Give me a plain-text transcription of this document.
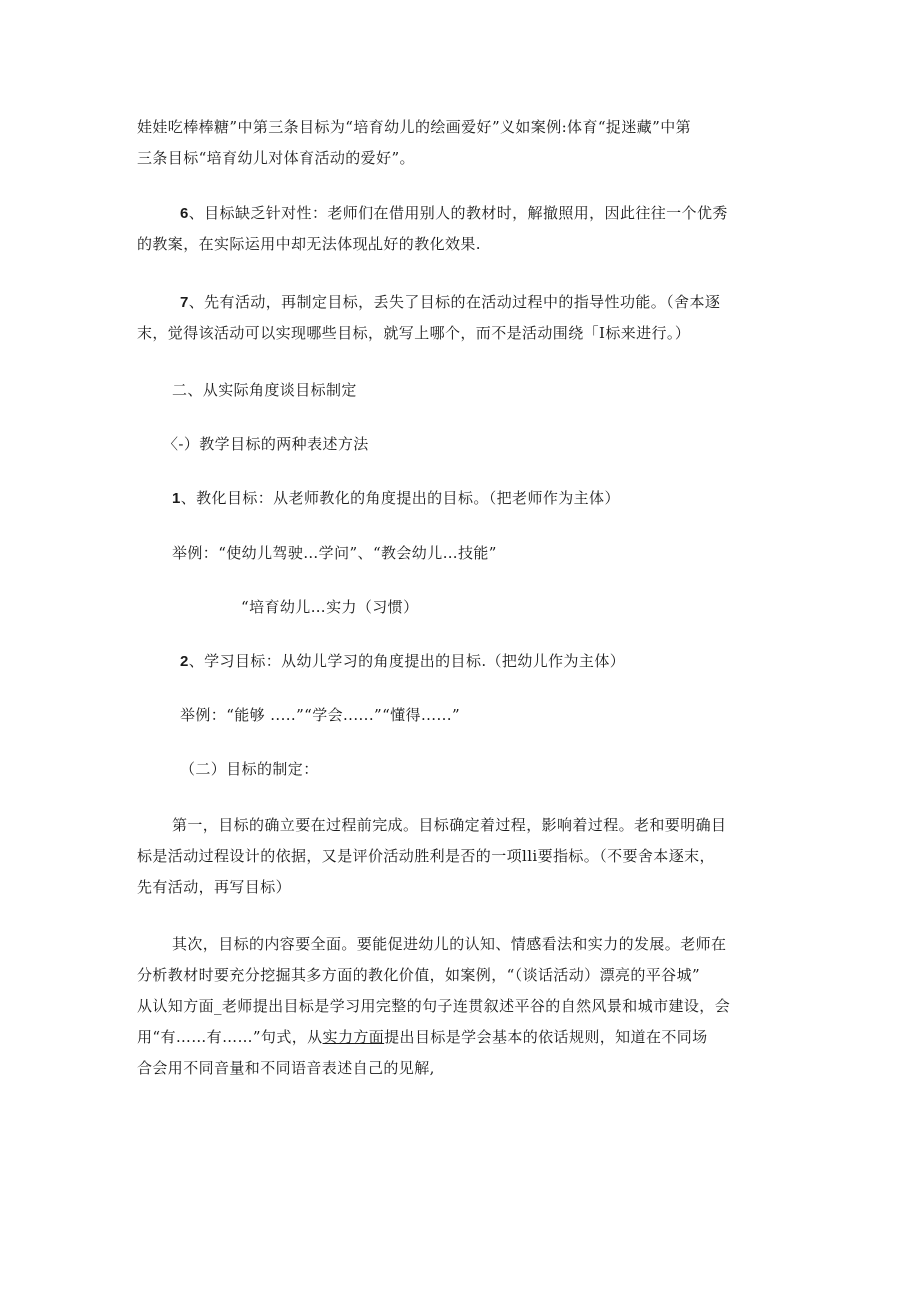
娃娃吃棒棒糖”中第三条目标为“培育幼儿的绘画爱好”义如案例:体育“捉迷藏”中第
三条目标“培育幼儿对体育活动的爱好”。
6、目标缺乏针对性：老师们在借用别人的教材时，解撤照用，因此往往一个优秀
的教案，在实际运用中却无法体现乩好的教化效果.
7、先有活动，再制定目标，丢失了目标的在活动过程中的指导性功能。（舍本逐
末，觉得该活动可以实现哪些目标，就写上哪个，而不是活动围绕「I标来进行。）
二、从实际角度谈目标制定
〈-）教学目标的两种表述方法
1、教化目标：从老师教化的角度提出的目标。（把老师作为主体）
举例：“使幼儿驾驶…学问”、“教会幼儿…技能”
“培育幼儿…实力（习惯）
2、学习目标：从幼儿学习的角度提出的目标.（把幼儿作为主体）
举例：“能够 .....”“学会......”“懂得......”
（二）目标的制定：
第一，目标的确立要在过程前完成。目标确定着过程，影响着过程。老和要明确目
标是活动过程设计的依据，又是评价活动胜利是否的一项lli要指标。（不要舍本逐末，
先有活动，再写目标）
其次，目标的内容要全面。要能促进幼儿的认知、情感看法和实力的发展。老师在
分析教材时要充分挖掘其多方面的教化价值，如案例，“（谈话活动）漂亮的平谷城”
从认知方面_老师提出目标是学习用完整的句子连贯叙述平谷的自然风景和城市建设，会
用“有……有……”句式，从实力方面提出目标是学会基本的依话规则，知道在不同场
合会用不同音量和不同语音表述自己的见解,
